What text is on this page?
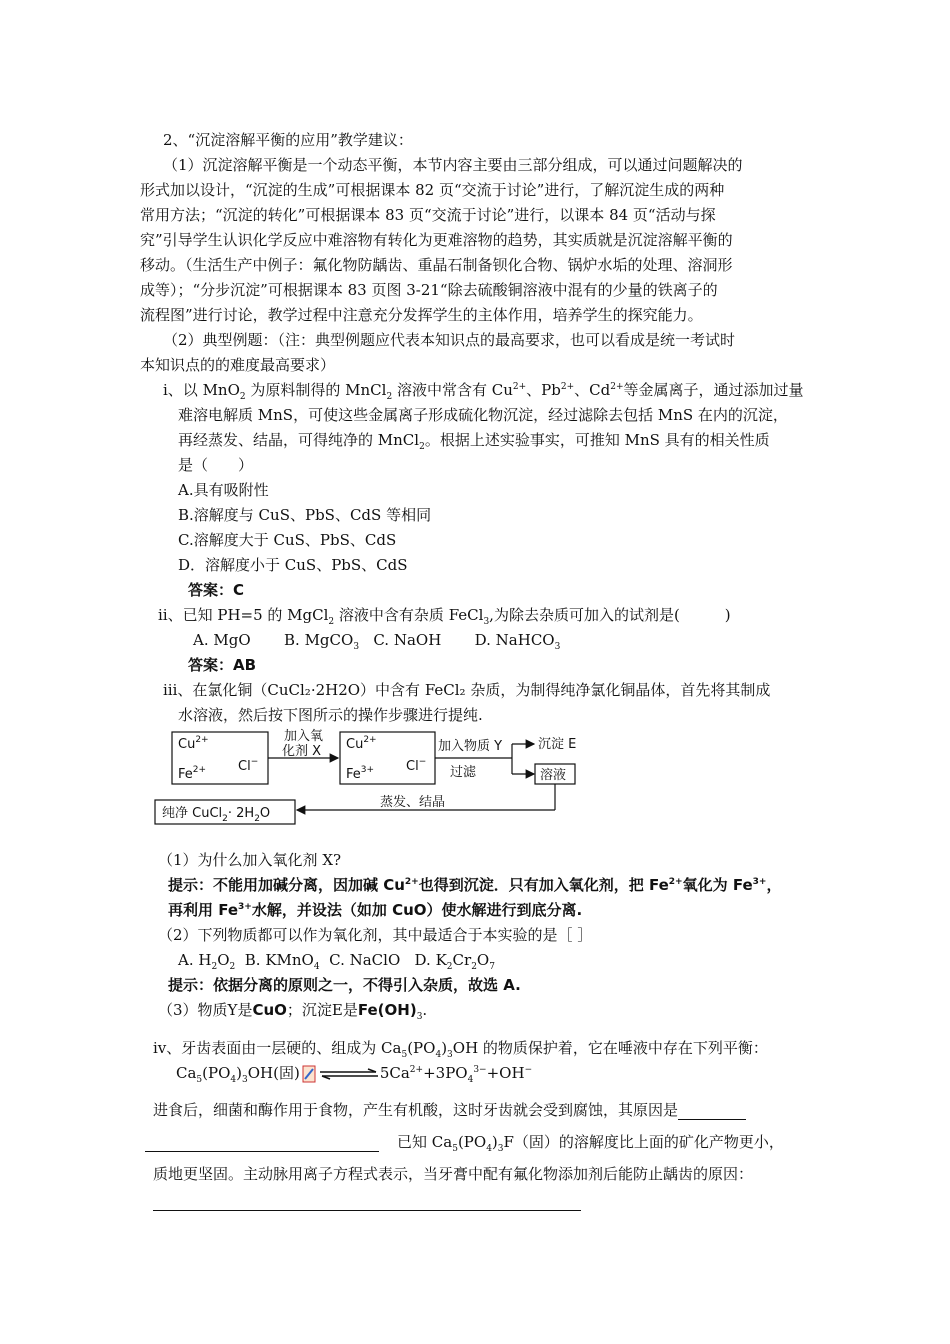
2、“沉淀溶解平衡的应用”教学建议：
（1）沉淀溶解平衡是一个动态平衡，本节内容主要由三部分组成，可以通过问题解决的
形式加以设计，“沉淀的生成”可根据课本 82 页“交流于讨论”进行，了解沉淀生成的两种
常用方法；“沉淀的转化”可根据课本 83 页“交流于讨论”进行，以课本 84 页“活动与探
究”引导学生认识化学反应中难溶物有转化为更难溶物的趋势，其实质就是沉淀溶解平衡的
移动。（生活生产中例子：氟化物防龋齿、重晶石制备钡化合物、锅炉水垢的处理、溶洞形
成等）；“分步沉淀”可根据课本 83 页图 3-21“除去硫酸铜溶液中混有的少量的铁离子的
流程图”进行讨论，教学过程中注意充分发挥学生的主体作用，培养学生的探究能力。
（2）典型例题：（注：典型例题应代表本知识点的最高要求，也可以看成是统一考试时
本知识点的的难度最高要求）
ⅰ、以 MnO$_2$ 为原料制得的 MnCl$_2$ 溶液中常含有 $Cu^{2+}$、$Pb^{2+}$、$Cd^{2+}$等金属离子，通过添加过量
难溶电解质 MnS，可使这些金属离子形成硫化物沉淀，经过滤除去包括 MnS 在内的沉淀，
再经蒸发、结晶，可得纯净的 MnCl$_2$。根据上述实验事实，可推知 MnS 具有的相关性质
是（　　）
A.具有吸附性
B.溶解度与 CuS、PbS、CdS 等相同
C.溶解度大于 CuS、PbS、CdS
D．溶解度小于 CuS、PbS、CdS
答案：C
ⅱ、已知 PH=5 的 MgCl$_2$ 溶液中含有杂质 FeCl$_3$,为除去杂质可加入的试剂是(　　　)
A. MgO       B. MgCO$_3$   C. NaOH       D. NaHCO$_3$
答案：AB
ⅲ、在氯化铜（CuCl₂·2H2O）中含有 FeCl₂ 杂质，为制得纯净氯化铜晶体，首先将其制成
水溶液，然后按下图所示的操作步骤进行提纯.
$Cu^{2+}$
$Fe^{2+}$ Cl−
加入氧
化剂 X $Cu^{2+}$
$Fe^{3+}$ Cl−
加入物质 Y
过滤
沉淀 E
溶液
蒸发、结晶
纯净 CuCl$_2$· $2H_2O$
（1）为什么加入氧化剂 X?
提示：不能用加碱分离，因加碱 $Cu^{2+}$也得到沉淀．只有加入氧化剂，把 $Fe^{2+}$氧化为 $Fe^{3+}$，
再利用 $Fe^{3+}$水解，并设法（如加 CuO）使水解进行到底分离.
（2）下列物质都可以作为氧化剂，其中最适合于本实验的是［ ］
A. $H_2O_2$  B. KMnO$_4$  C. NaClO   D. $K_2Cr_2O_7$
提示：依据分离的原则之一，不得引入杂质，故选 A.
（3）物质Y是CuO；沉淀E是$Fe(OH)_3$.
ⅳ、牙齿表面由一层硬的、组成为 $Ca_5(PO_4)_3OH$ 的物质保护着，它在唾液中存在下列平衡：
$Ca_5(PO_4)_3OH$(固)	$5Ca^{2+}+3PO_4^{3-}+OH^-$
进食后，细菌和酶作用于食物，产生有机酸，这时牙齿就会受到腐蚀，其原因是
已知 $Ca_5(PO_4)_3F$（固）的溶解度比上面的矿化产物更小，
质地更坚固。主动脉用离子方程式表示，当牙膏中配有氟化物添加剂后能防止龋齿的原因：
